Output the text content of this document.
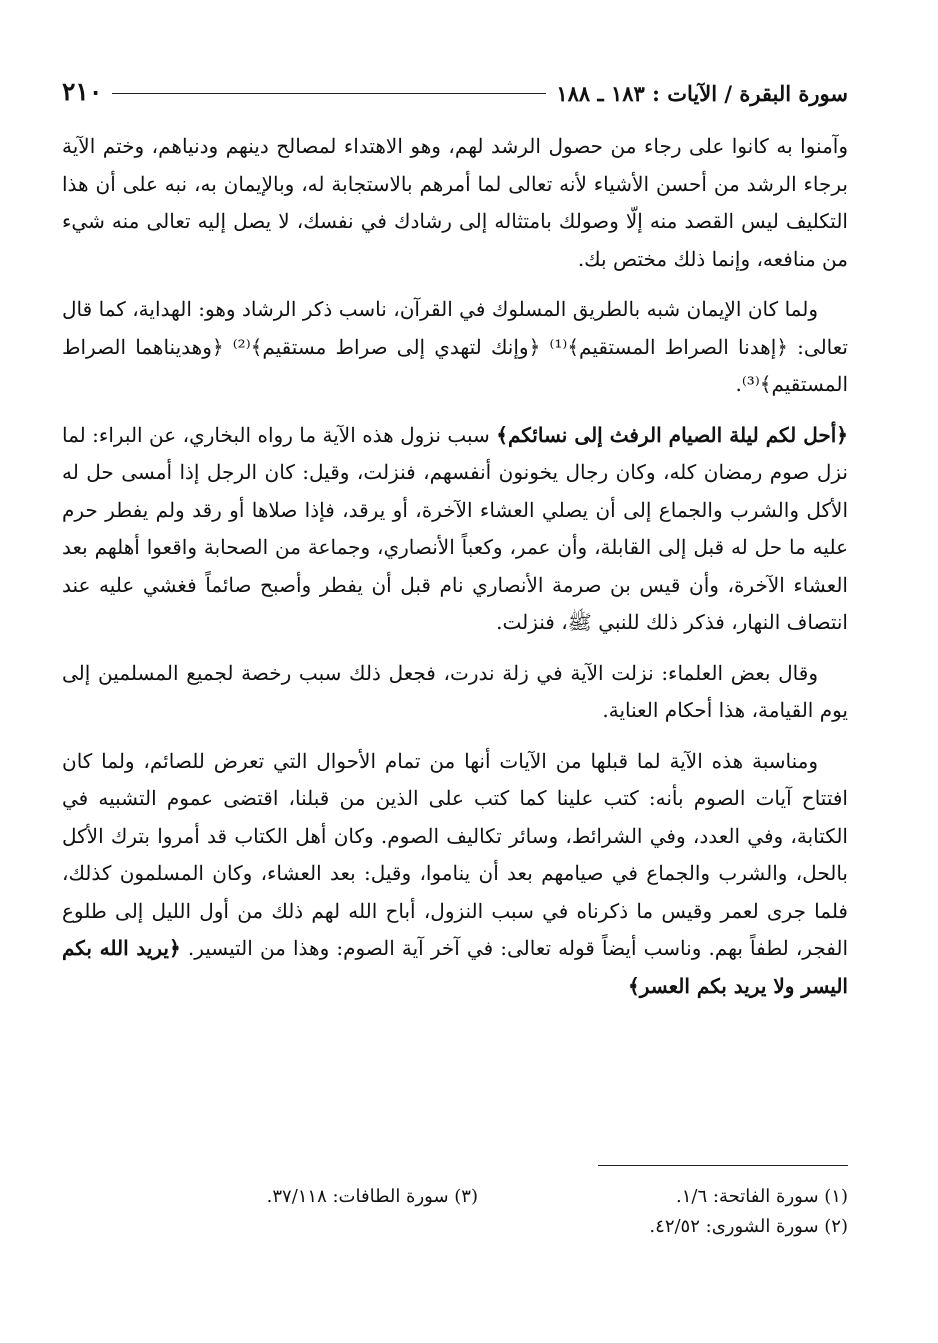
سورة البقرة / الآيات : ١٨٣ ـ ١٨٨
٢١٠

وآمنوا به كانوا على رجاء من حصول الرشد لهم، وهو الاهتداء لمصالح دينهم ودنياهم، وختم الآية برجاء الرشد من أحسن الأشياء لأنه تعالى لما أمرهم بالاستجابة له، وبالإيمان به، نبه على أن هذا التكليف ليس القصد منه إلّا وصولك بامتثاله إلى رشادك في نفسك، لا يصل إليه تعالى منه شيء من منافعه، وإنما ذلك مختص بك.

ولما كان الإيمان شبه بالطريق المسلوك في القرآن، ناسب ذكر الرشاد وهو: الهداية، كما قال تعالى: ﴿إهدنا الصراط المستقيم﴾⁽¹⁾ ﴿وإنك لتهدي إلى صراط مستقيم﴾⁽²⁾ ﴿وهديناهما الصراط المستقيم﴾⁽³⁾.

﴿أحل لكم ليلة الصيام الرفث إلى نسائكم﴾ سبب نزول هذه الآية ما رواه البخاري، عن البراء: لما نزل صوم رمضان كله، وكان رجال يخونون أنفسهم، فنزلت، وقيل: كان الرجل إذا أمسى حل له الأكل والشرب والجماع إلى أن يصلي العشاء الآخرة، أو يرقد، فإذا صلاها أو رقد ولم يفطر حرم عليه ما حل له قبل إلى القابلة، وأن عمر، وكعباً الأنصاري، وجماعة من الصحابة واقعوا أهلهم بعد العشاء الآخرة، وأن قيس بن صرمة الأنصاري نام قبل أن يفطر وأصبح صائماً فغشي عليه عند انتصاف النهار، فذكر ذلك للنبي ﷺ، فنزلت.

وقال بعض العلماء: نزلت الآية في زلة ندرت، فجعل ذلك سبب رخصة لجميع المسلمين إلى يوم القيامة، هذا أحكام العناية.

ومناسبة هذه الآية لما قبلها من الآيات أنها من تمام الأحوال التي تعرض للصائم، ولما كان افتتاح آيات الصوم بأنه: كتب علينا كما كتب على الذين من قبلنا، اقتضى عموم التشبيه في الكتابة، وفي العدد، وفي الشرائط، وسائر تكاليف الصوم. وكان أهل الكتاب قد أمروا بترك الأكل بالحل، والشرب والجماع في صيامهم بعد أن يناموا، وقيل: بعد العشاء، وكان المسلمون كذلك، فلما جرى لعمر وقيس ما ذكرناه في سبب النزول، أباح الله لهم ذلك من أول الليل إلى طلوع الفجر، لطفاً بهم. وناسب أيضاً قوله تعالى: في آخر آية الصوم: وهذا من التيسير. ﴿يريد الله بكم اليسر ولا يريد بكم العسر﴾

(١) سورة الفاتحة: ١/٦.
(٣) سورة الطافات: ٣٧/١١٨.
(٢) سورة الشورى: ٤٢/٥٢.
